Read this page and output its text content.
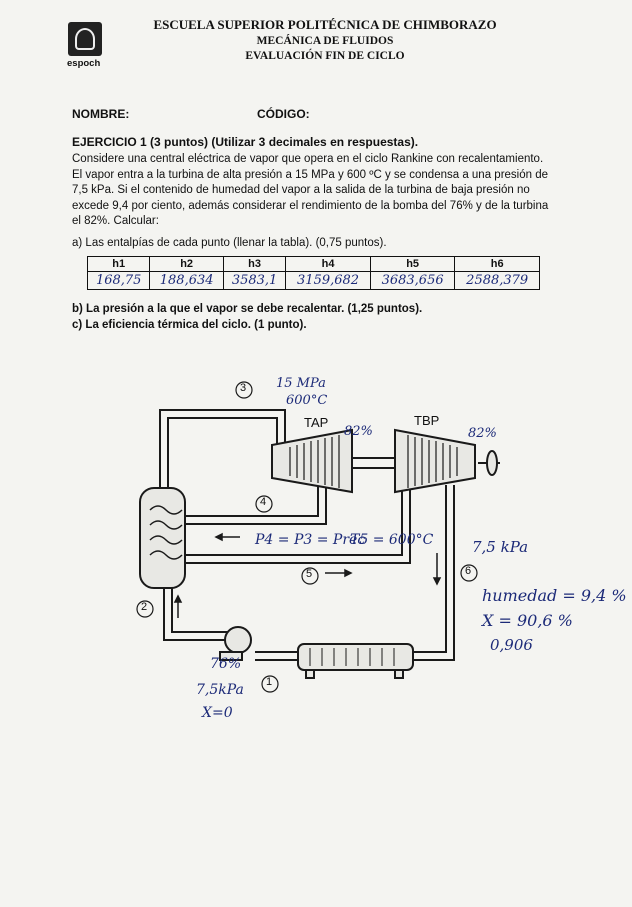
espoch
ESCUELA SUPERIOR POLITÉCNICA DE CHIMBORAZO
MECÁNICA DE FLUIDOS
EVALUACIÓN FIN DE CICLO
NOMBRE:	CÓDIGO:
EJERCICIO 1 (3 puntos) (Utilizar 3 decimales en respuestas).
Considere una central eléctrica de vapor que opera en el ciclo Rankine con recalentamiento.
El vapor entra a la turbina de alta presión a 15 MPa y 600 ºC y se condensa a una presión de
7,5 kPa. Si el contenido de humedad del vapor a la salida de la turbina de baja presión no
excede 9,4 por ciento, además considerar el rendimiento de la bomba del 76% y de la turbina
el 82%. Calcular:
a) Las entalpías de cada punto (llenar la tabla). (0,75 puntos).
h1	h2	h3	h4	h5	h6
168,75	188,634	3583,1	3159,682	3683,656	2588,379
b) La presión a la que el vapor se debe recalentar. (1,25 puntos).
c) La eficiencia térmica del ciclo. (1 punto).
3
4
5	6
2
1
TAP	TBP
15 MPa
600°C
82%	82%
P4 = P3 = Prec
T5 = 600°C	7,5 kPa
humedad = 9,4 %
X = 90,6 %
0,906
76%
7,5kPa
X=0
